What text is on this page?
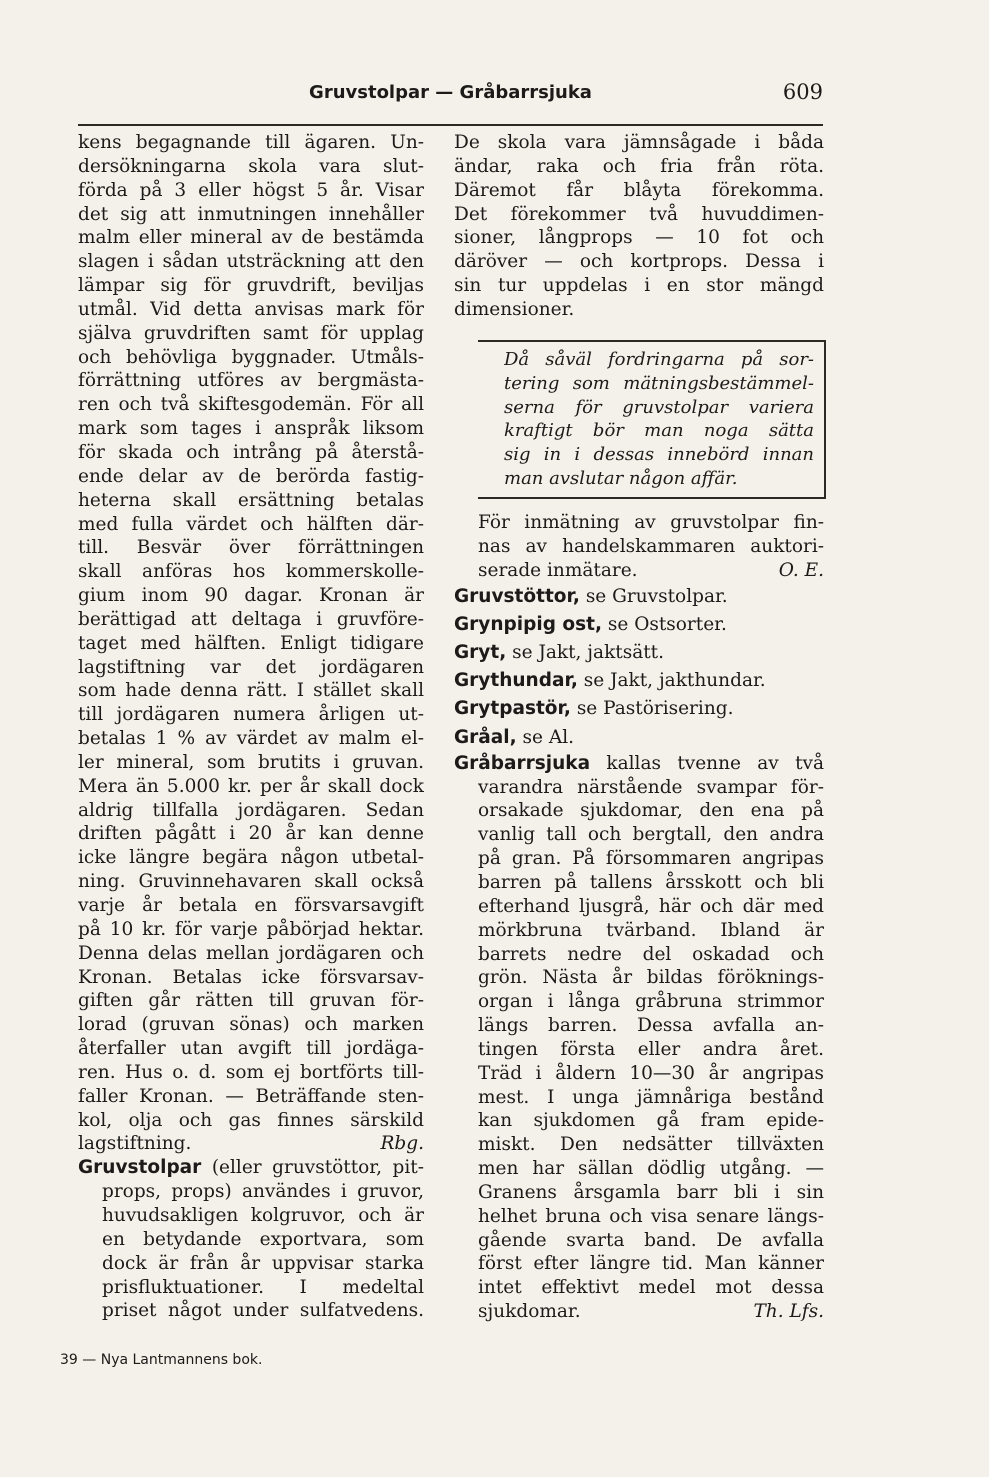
Gruvstolpar — Gråbarrsjuka	609
kens begagnande till ägaren. Un-
dersökningarna skola vara slut-
förda på 3 eller högst 5 år. Visar
det sig att inmutningen innehåller
malm eller mineral av de bestämda
slagen i sådan utsträckning att den
lämpar sig för gruvdrift, beviljas
utmål. Vid detta anvisas mark för
själva gruvdriften samt för upplag
och behövliga byggnader. Utmåls-
förrättning utföres av bergmästa-
ren och två skiftesgodemän. För all
mark som tages i anspråk liksom
för skada och intrång på återstå-
ende delar av de berörda fastig-
heterna skall ersättning betalas
med fulla värdet och hälften där-
till. Besvär över förrättningen
skall anföras hos kommerskolle-
gium inom 90 dagar. Kronan är
berättigad att deltaga i gruvföre-
taget med hälften. Enligt tidigare
lagstiftning var det jordägaren
som hade denna rätt. I stället skall
till jordägaren numera årligen ut-
betalas 1 % av värdet av malm el-
ler mineral, som brutits i gruvan.
Mera än 5.000 kr. per år skall dock
aldrig tillfalla jordägaren. Sedan
driften pågått i 20 år kan denne
icke längre begära någon utbetal-
ning. Gruvinnehavaren skall också
varje år betala en försvarsavgift
på 10 kr. för varje påbörjad hektar.
Denna delas mellan jordägaren och
Kronan. Betalas icke försvarsav-
giften går rätten till gruvan för-
lorad (gruvan sönas) och marken
återfaller utan avgift till jordäga-
ren. Hus o. d. som ej bortförts till-
faller Kronan. — Beträffande sten-
kol, olja och gas finnes särskild
lagstiftning.	Rbg.
Gruvstolpar (eller gruvstöttor, pit-
props, props) användes i gruvor,
huvudsakligen kolgruvor, och är
en betydande exportvara, som
dock är från år uppvisar starka
prisfluktuationer. I medeltal
priset något under sulfatvedens.
De skola vara jämnsågade i båda
ändar, raka och fria från röta.
Däremot får blåyta förekomma.
Det förekommer två huvuddimen-
sioner, långprops — 10 fot och
däröver — och kortprops. Dessa i
sin tur uppdelas i en stor mängd
dimensioner.
Då såväl fordringarna på sor-
tering som mätningsbestämmel-
serna för gruvstolpar variera
kraftigt bör man noga sätta
sig in i dessas innebörd innan
man avslutar någon affär.
För inmätning av gruvstolpar fin-
nas av handelskammaren auktori-
serade inmätare.	O. E.
Gruvstöttor, se Gruvstolpar.
Grynpipig ost, se Ostsorter.
Gryt, se Jakt, jaktsätt.
Grythundar, se Jakt, jakthundar.
Grytpastör, se Pastörisering.
Gråal, se Al.
Gråbarrsjuka kallas tvenne av två
varandra närstående svampar för-
orsakade sjukdomar, den ena på
vanlig tall och bergtall, den andra
på gran. På försommaren angripas
barren på tallens årsskott och bli
efterhand ljusgrå, här och där med
mörkbruna tvärband. Ibland är
barrets nedre del oskadad och
grön. Nästa år bildas föröknings-
organ i långa gråbruna strimmor
längs barren. Dessa avfalla an-
tingen första eller andra året.
Träd i åldern 10—30 år angripas
mest. I unga jämnåriga bestånd
kan sjukdomen gå fram epide-
miskt. Den nedsätter tillväxten
men har sällan dödlig utgång. —
Granens årsgamla barr bli i sin
helhet bruna och visa senare längs-
gående svarta band. De avfalla
först efter längre tid. Man känner
intet effektivt medel mot dessa
sjukdomar.	Th. Lfs.
39 — Nya Lantmannens bok.
